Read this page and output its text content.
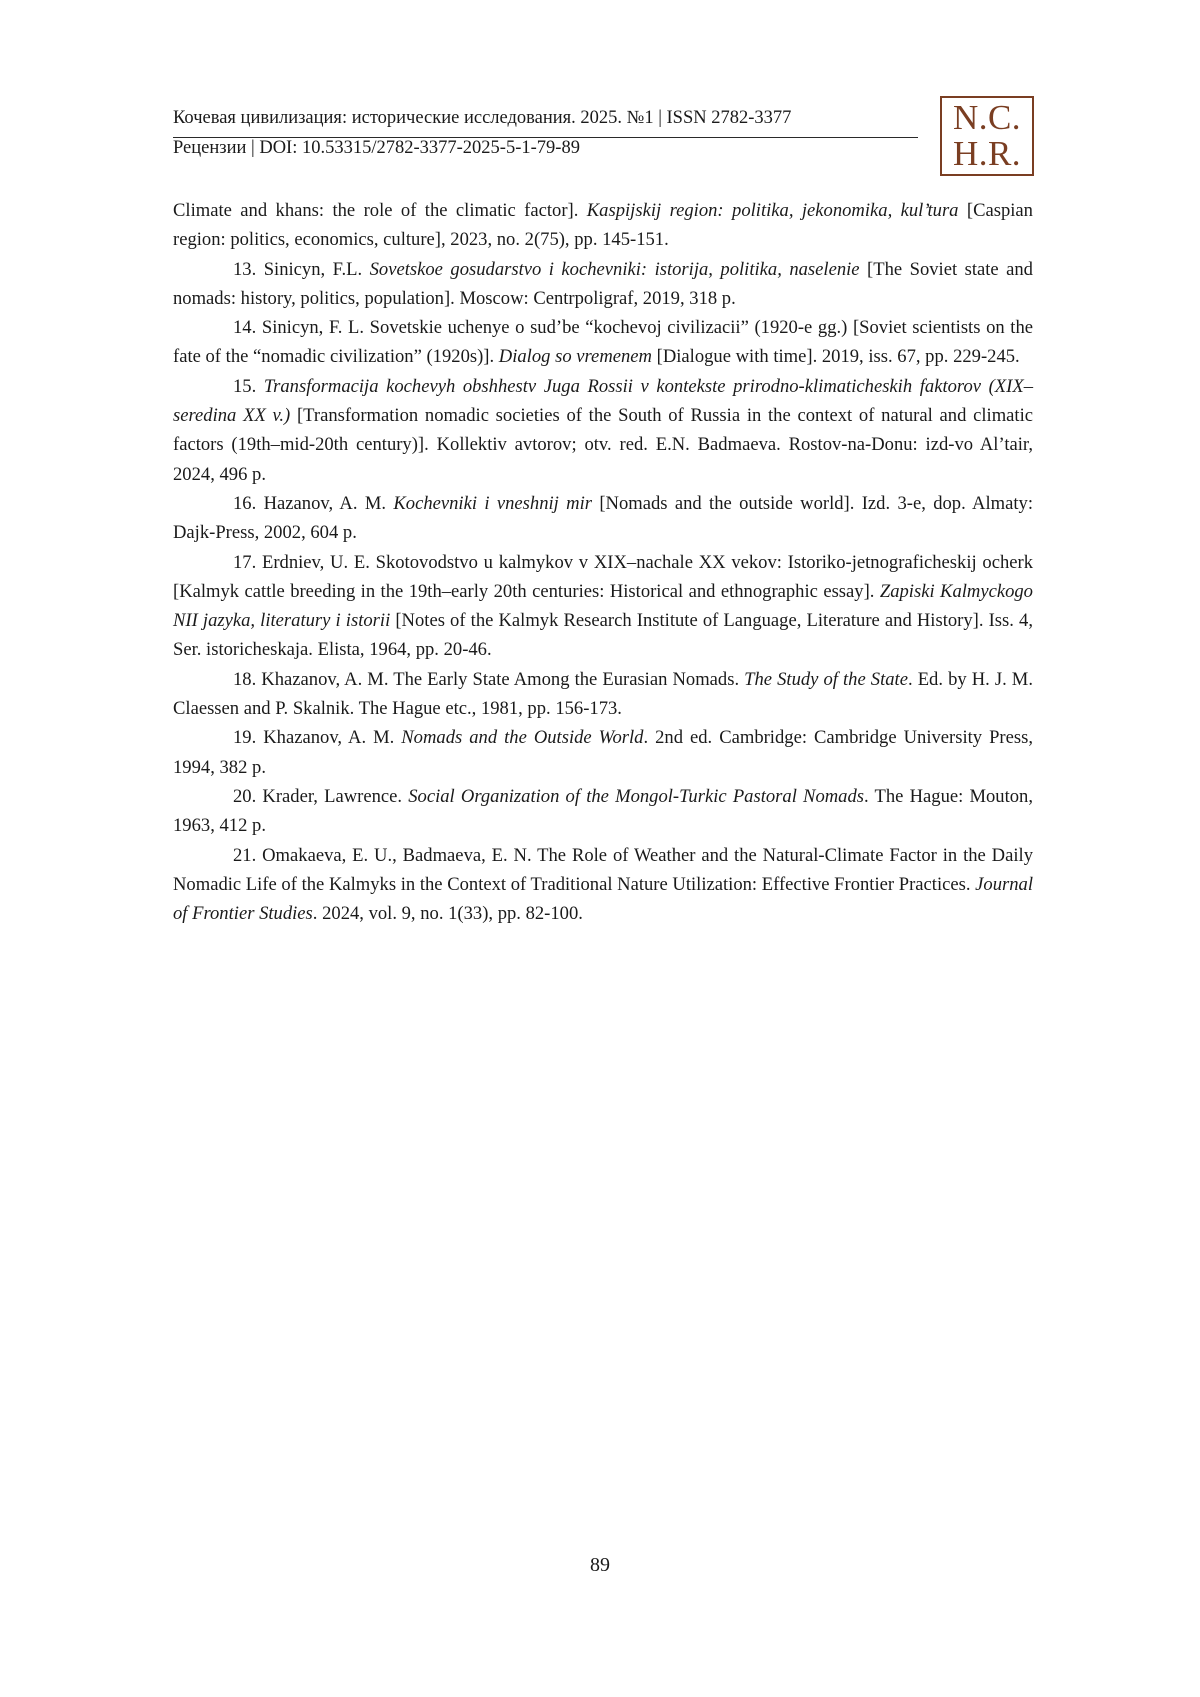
Кочевая цивилизация: исторические исследования. 2025. №1 | ISSN 2782-3377
Рецензии | DOI: 10.53315/2782-3377-2025-5-1-79-89
N.C.
H.R.

Climate and khans: the role of the climatic factor]. Kaspijskij region: politika, jekonomika, kul’tura [Caspian region: politics, economics, culture], 2023, no. 2(75), pp. 145-151.

13. Sinicyn, F.L. Sovetskoe gosudarstvo i kochevniki: istorija, politika, naselenie [The Soviet state and nomads: history, politics, population]. Moscow: Centrpoligraf, 2019, 318 p.

14. Sinicyn, F. L. Sovetskie uchenye o sud’be “kochevoj civilizacii” (1920-e gg.) [Soviet scientists on the fate of the “nomadic civilization” (1920s)]. Dialog so vremenem [Dialogue with time]. 2019, iss. 67, pp. 229-245.

15. Transformacija kochevyh obshhestv Juga Rossii v kontekste prirodno-klimaticheskih faktorov (XIX–seredina XX v.) [Transformation nomadic societies of the South of Russia in the context of natural and climatic factors (19th–mid-20th century)]. Kollektiv avtorov; otv. red. E.N. Badmaeva. Rostov-na-Donu: izd-vo Al’tair, 2024, 496 p.

16. Hazanov, A. M. Kochevniki i vneshnij mir [Nomads and the outside world]. Izd. 3-e, dop. Almaty: Dajk-Press, 2002, 604 p.

17. Erdniev, U. E. Skotovodstvo u kalmykov v XIX–nachale XX vekov: Istoriko-jetnograficheskij ocherk [Kalmyk cattle breeding in the 19th–early 20th centuries: Historical and ethnographic essay]. Zapiski Kalmyckogo NII jazyka, literatury i istorii [Notes of the Kalmyk Research Institute of Language, Literature and History]. Iss. 4, Ser. istoricheskaja. Elista, 1964, pp. 20-46.

18. Khazanov, A. M. The Early State Among the Eurasian Nomads. The Study of the State. Ed. by H. J. M. Claessen and P. Skalnik. The Hague etc., 1981, pp. 156-173.

19. Khazanov, A. M. Nomads and the Outside World. 2nd ed. Cambridge: Cambridge University Press, 1994, 382 p.

20. Krader, Lawrence. Social Organization of the Mongol-Turkic Pastoral Nomads. The Hague: Mouton, 1963, 412 p.

21. Omakaeva, E. U., Badmaeva, E. N. The Role of Weather and the Natural-Climate Factor in the Daily Nomadic Life of the Kalmyks in the Context of Traditional Nature Utilization: Effective Frontier Practices. Journal of Frontier Studies. 2024, vol. 9, no. 1(33), pp. 82-100.

89
